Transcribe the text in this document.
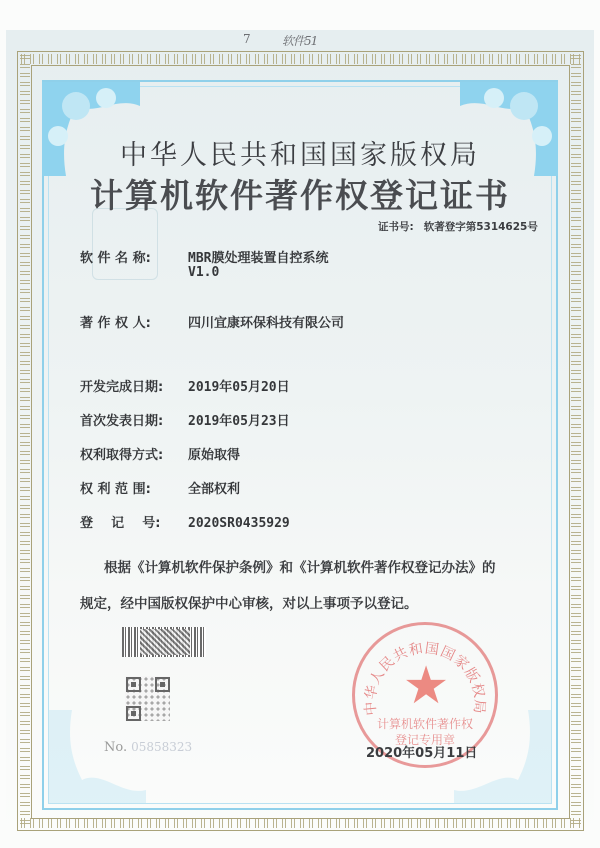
7	软件51
中华人民共和国国家版权局
计算机软件著作权登记证书
证书号: 软著登字第5314625号
软 件 名 称:	MBR膜处理装置自控系统
V1.0
著 作 权 人:	四川宜康环保科技有限公司
开发完成日期: 2019年05月20日
首次发表日期: 2019年05月23日
权利取得方式: 原始取得
权 利 范 围:	全部权利
登    记    号: 2020SR0435929
根据《计算机软件保护条例》和《计算机软件著作权登记办法》的
规定，经中国版权保护中心审核，对以上事项予以登记。
No. 05858323
中华人民共和国国家版权局
★
计算机软件著作权
登记专用章
2020年05月11日
